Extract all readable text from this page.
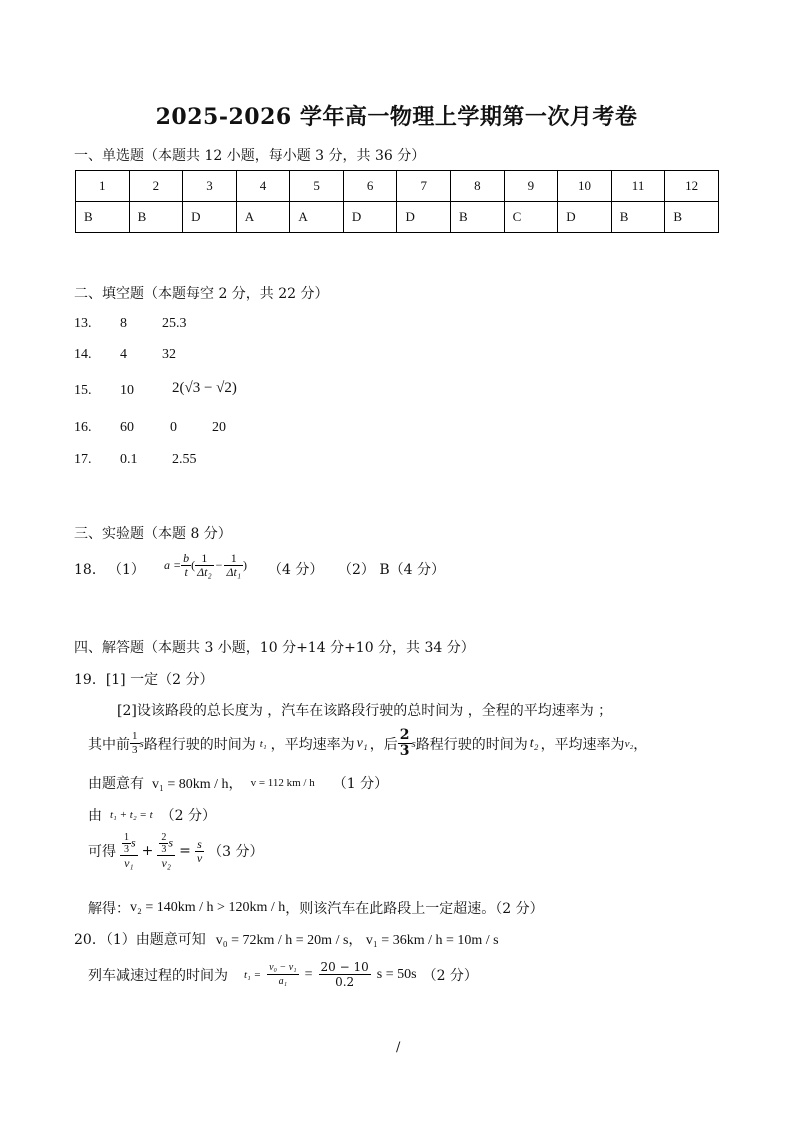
2025-2026 学年高一物理上学期第一次月考卷
一、单选题（本题共 12 小题，每小题 3 分，共 36 分）
1	2	3	4	5	6	7	8	9	10	11	12
B	B	D	A	A	D	D	B	C	D	B	B
二、填空题（本题每空 2 分，共 22 分）
13. 8	25.3
14. 4	32
15. 10	2(√3 − √2)
16. 60	0	20
17. 0.1 2.55
三、实验题（本题 8 分）
18． （1） $a = \frac{b}{t}$ ( $\frac{1}{\text{Δt₂}} - \frac{1}{\text{Δt₁}}$ ) （4 分） （2） B（4 分）
四、解答题（本题共 3 小题，10 分+14 分+10 分，共 34 分）
19．[1] 一定（2 分）
[2]设该路段的总长度为 ，汽车在该路段行驶的总时间为 ，全程的平均速率为 ；
其中前 $\frac{1}{3}$ s 路程行驶的时间为 t₁ ，平均速率为 v₁ ，后 $\frac{2}{3}$ s 路程行驶的时间为 t₂ ，平均速率为 v₂ ，
由题意有 v₁ = 80km / h， v = 112 km / h	（1 分）
由 t₁ + t₂ = t （2 分）
可得 $\frac{\frac{1}{3} s}{\text{v₁}} + \frac{\frac{2}{3} s}{\text{v₂}} = \frac{s}{v} (3$ 分）
解得： v₂ = 140km / h > 120km / h ，则该汽车在此路段上一定超速。（2 分）
20．（1）由题意可知 v₀ = 72km / h = 20m / s， v₁ = 36km / h = 10m / s
列车减速过程的时间为	$t_1 = \frac{\text{v₀ − v₁}}{\text{a₁}} = \frac{20 - 10}{0.2}$ s = 50s （2 分）
/
